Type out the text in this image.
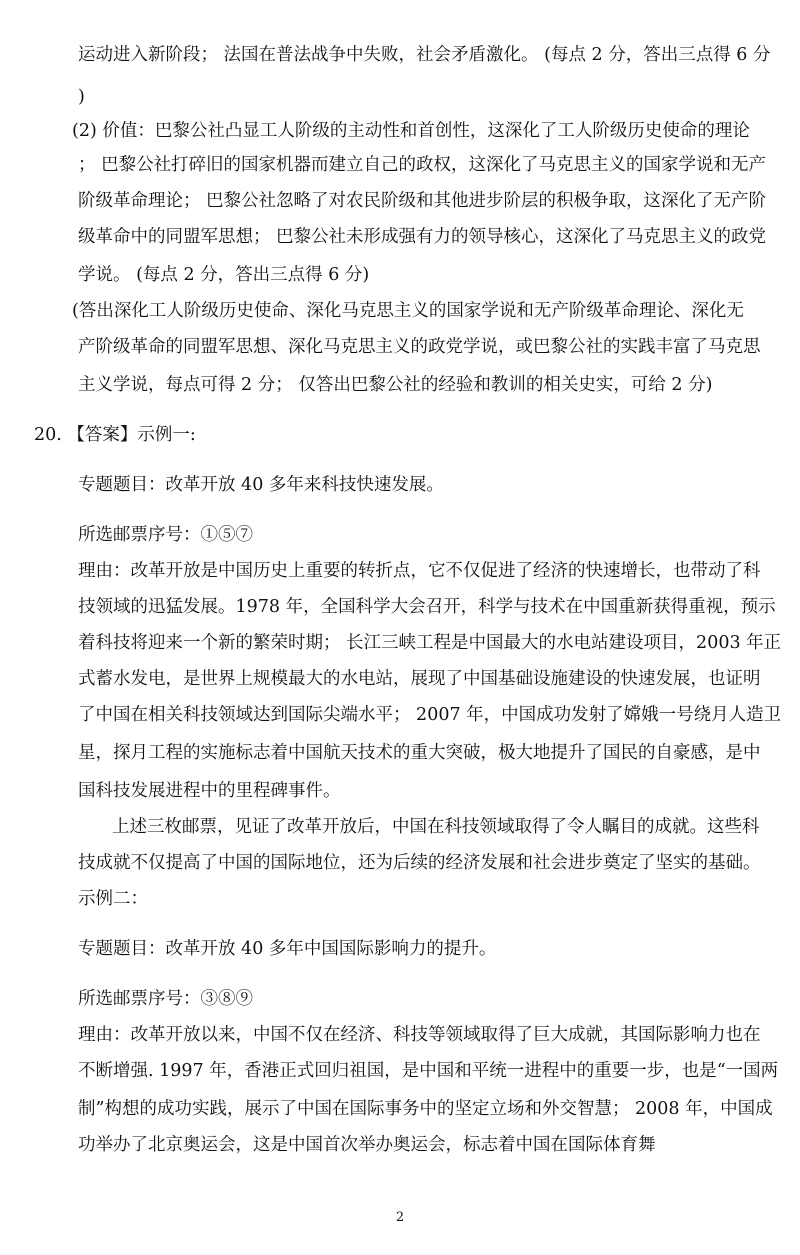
运动进入新阶段； 法国在普法战争中失败，社会矛盾激化。 (每点 2 分，答出三点得 6 分
)
(2) 价值：巴黎公社凸显工人阶级的主动性和首创性，这深化了工人阶级历史使命的理论
； 巴黎公社打碎旧的国家机器而建立自己的政权，这深化了马克思主义的国家学说和无产
阶级革命理论； 巴黎公社忽略了对农民阶级和其他进步阶层的积极争取，这深化了无产阶
级革命中的同盟军思想； 巴黎公社未形成强有力的领导核心，这深化了马克思主义的政党
学说。 (每点 2 分，答出三点得 6 分)
(答出深化工人阶级历史使命、深化马克思主义的国家学说和无产阶级革命理论、深化无
产阶级革命的同盟军思想、深化马克思主义的政党学说，或巴黎公社的实践丰富了马克思
主义学说，每点可得 2 分； 仅答出巴黎公社的经验和教训的相关史实，可给 2 分)
20. 【答案】示例一:
专题题目：改革开放 40 多年来科技快速发展。
所选邮票序号：①⑤⑦
理由：改革开放是中国历史上重要的转折点，它不仅促进了经济的快速增长，也带动了科
技领域的迅猛发展。1978 年，全国科学大会召开，科学与技术在中国重新获得重视，预示
着科技将迎来一个新的繁荣时期； 长江三峡工程是中国最大的水电站建设项目，2003 年正
式蓄水发电，是世界上规模最大的水电站，展现了中国基础设施建设的快速发展，也证明
了中国在相关科技领域达到国际尖端水平； 2007 年，中国成功发射了嫦娥一号绕月人造卫
星，探月工程的实施标志着中国航天技术的重大突破，极大地提升了国民的自豪感，是中
国科技发展进程中的里程碑事件。
上述三枚邮票，见证了改革开放后，中国在科技领域取得了令人瞩目的成就。这些科
技成就不仅提高了中国的国际地位，还为后续的经济发展和社会进步奠定了坚实的基础。
示例二：
专题题目：改革开放 40 多年中国国际影响力的提升。
所选邮票序号：③⑧⑨
理由：改革开放以来，中国不仅在经济、科技等领域取得了巨大成就，其国际影响力也在
不断增强. 1997 年，香港正式回归祖国，是中国和平统一进程中的重要一步，也是“一国两
制”构想的成功实践，展示了中国在国际事务中的坚定立场和外交智慧； 2008 年，中国成
功举办了北京奥运会，这是中国首次举办奥运会，标志着中国在国际体育舞
2
